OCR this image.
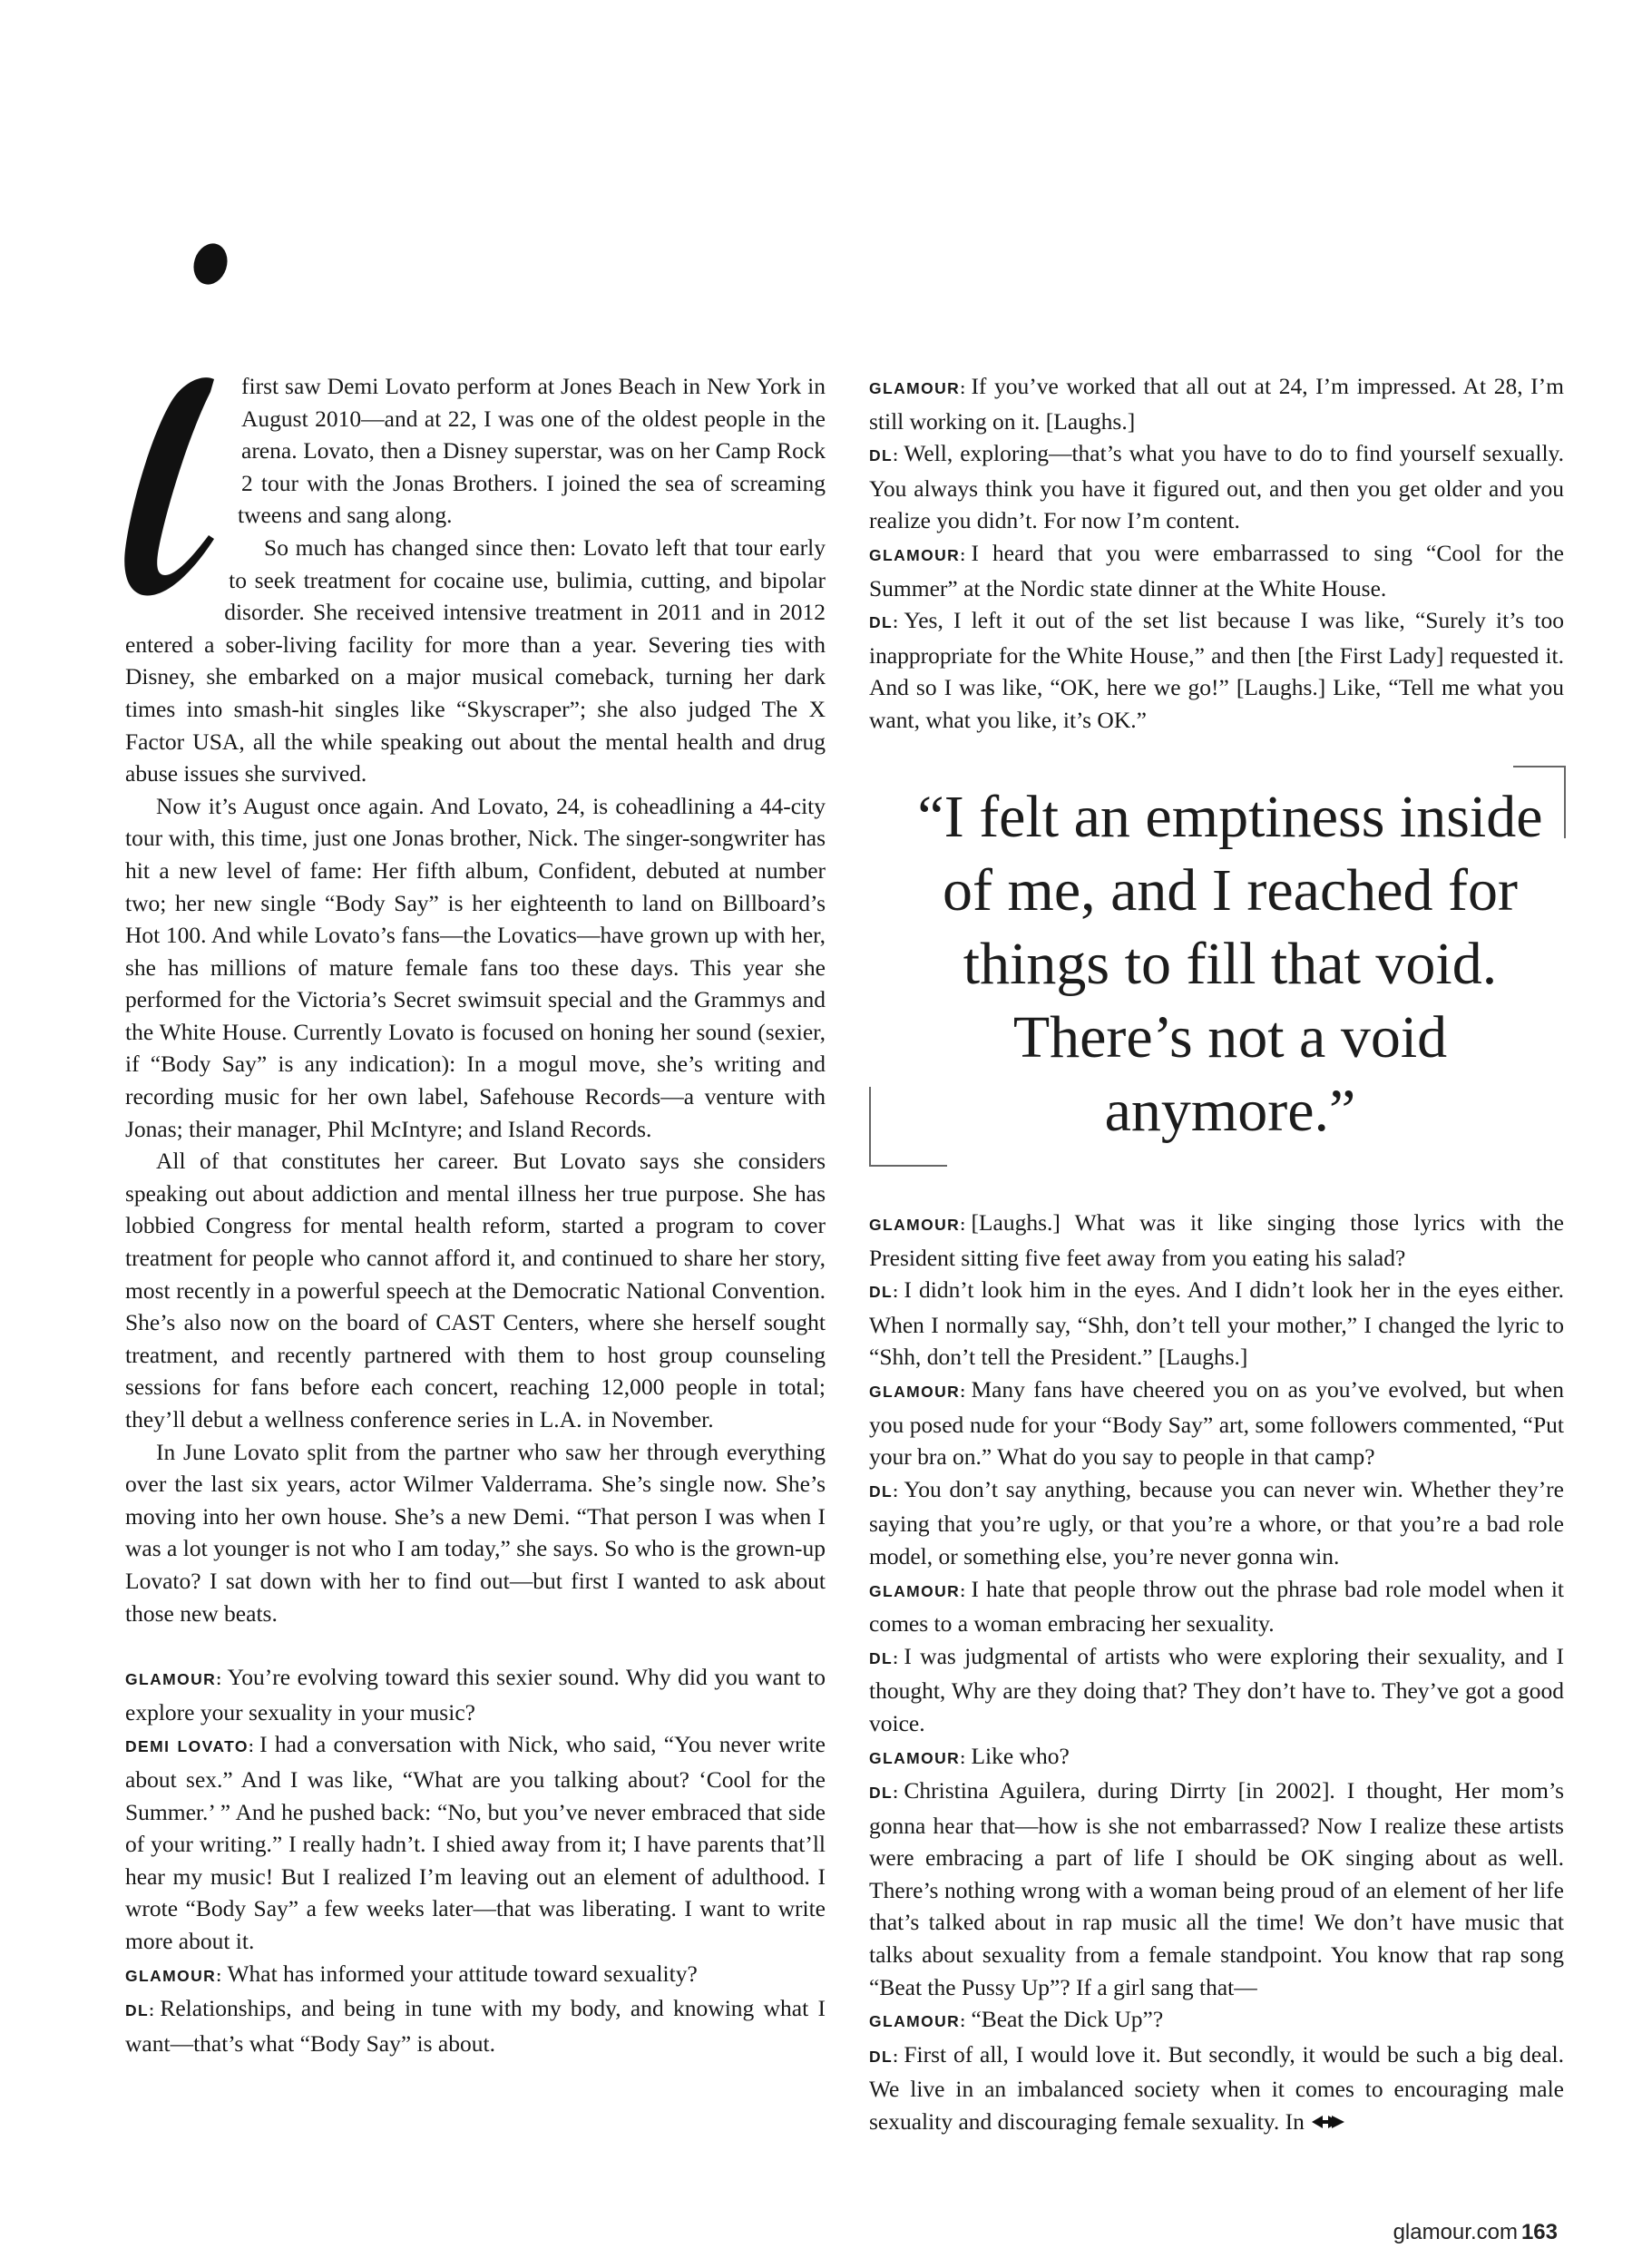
first saw Demi Lovato perform at Jones Beach in New York in August 2010—and at 22, I was one of the oldest people in the arena. Lovato, then a Disney superstar, was on her Camp Rock 2 tour with the Jonas Brothers. I joined the sea of screaming tweens and sang along.

So much has changed since then: Lovato left that tour early to seek treatment for cocaine use, bulimia, cutting, and bipolar disorder. She received intensive treatment in 2011 and in 2012 entered a sober-living facility for more than a year. Severing ties with Disney, she embarked on a major musical comeback, turning her dark times into smash-hit singles like “Skyscraper”; she also judged The X Factor USA, all the while speaking out about the mental health and drug abuse issues she survived.

Now it’s August once again. And Lovato, 24, is coheadlining a 44-city tour with, this time, just one Jonas brother, Nick. The singer-songwriter has hit a new level of fame: Her fifth album, Confident, debuted at number two; her new single “Body Say” is her eighteenth to land on Billboard’s Hot 100. And while Lovato’s fans—the Lovatics—have grown up with her, she has millions of mature female fans too these days. This year she performed for the Victoria’s Secret swimsuit special and the Grammys and the White House. Currently Lovato is focused on honing her sound (sexier, if “Body Say” is any indication): In a mogul move, she’s writing and recording music for her own label, Safehouse Records—a venture with Jonas; their manager, Phil McIntyre; and Island Records.

All of that constitutes her career. But Lovato says she considers speaking out about addiction and mental illness her true purpose. She has lobbied Congress for mental health reform, started a program to cover treatment for people who cannot afford it, and continued to share her story, most recently in a powerful speech at the Democratic National Convention. She’s also now on the board of CAST Centers, where she herself sought treatment, and recently partnered with them to host group counseling sessions for fans before each concert, reaching 12,000 people in total; they’ll debut a wellness conference series in L.A. in November.

In June Lovato split from the partner who saw her through everything over the last six years, actor Wilmer Valderrama. She’s single now. She’s moving into her own house. She’s a new Demi. “That person I was when I was a lot younger is not who I am today,” she says. So who is the grown-up Lovato? I sat down with her to find out—but first I wanted to ask about those new beats.

GLAMOUR: You’re evolving toward this sexier sound. Why did you want to explore your sexuality in your music?

DEMI LOVATO: I had a conversation with Nick, who said, “You never write about sex.” And I was like, “What are you talking about? ‘Cool for the Summer.’ ” And he pushed back: “No, but you’ve never embraced that side of your writing.” I really hadn’t. I shied away from it; I have parents that’ll hear my music! But I realized I’m leaving out an element of adulthood. I wrote “Body Say” a few weeks later—that was liberating. I want to write more about it.

GLAMOUR: What has informed your attitude toward sexuality?

DL: Relationships, and being in tune with my body, and knowing what I want—that’s what “Body Say” is about.

GLAMOUR: If you’ve worked that all out at 24, I’m impressed. At 28, I’m still working on it. [Laughs.]

DL: Well, exploring—that’s what you have to do to find yourself sexually. You always think you have it figured out, and then you get older and you realize you didn’t. For now I’m content.

GLAMOUR: I heard that you were embarrassed to sing “Cool for the Summer” at the Nordic state dinner at the White House.

DL: Yes, I left it out of the set list because I was like, “Surely it’s too inappropriate for the White House,” and then [the First Lady] requested it. And so I was like, “OK, here we go!” [Laughs.] Like, “Tell me what you want, what you like, it’s OK.”

“I felt an emptiness inside of me, and I reached for things to fill that void. There’s not a void anymore.”

GLAMOUR: [Laughs.] What was it like singing those lyrics with the President sitting five feet away from you eating his salad?

DL: I didn’t look him in the eyes. And I didn’t look her in the eyes either. When I normally say, “Shh, don’t tell your mother,” I changed the lyric to “Shh, don’t tell the President.” [Laughs.]

GLAMOUR: Many fans have cheered you on as you’ve evolved, but when you posed nude for your “Body Say” art, some followers commented, “Put your bra on.” What do you say to people in that camp?

DL: You don’t say anything, because you can never win. Whether they’re saying that you’re ugly, or that you’re a whore, or that you’re a bad role model, or something else, you’re never gonna win.

GLAMOUR: I hate that people throw out the phrase bad role model when it comes to a woman embracing her sexuality.

DL: I was judgmental of artists who were exploring their sexuality, and I thought, Why are they doing that? They don’t have to. They’ve got a good voice.

GLAMOUR: Like who?

DL: Christina Aguilera, during Dirrty [in 2002]. I thought, Her mom’s gonna hear that—how is she not embarrassed? Now I realize these artists were embracing a part of life I should be OK singing about as well. There’s nothing wrong with a woman being proud of an element of her life that’s talked about in rap music all the time! We don’t have music that talks about sexuality from a female standpoint. You know that rap song “Beat the Pussy Up”? If a girl sang that—

GLAMOUR: “Beat the Dick Up”?

DL: First of all, I would love it. But secondly, it would be such a big deal. We live in an imbalanced society when it comes to encouraging male sexuality and discouraging female sexuality. In

glamour.com 163
